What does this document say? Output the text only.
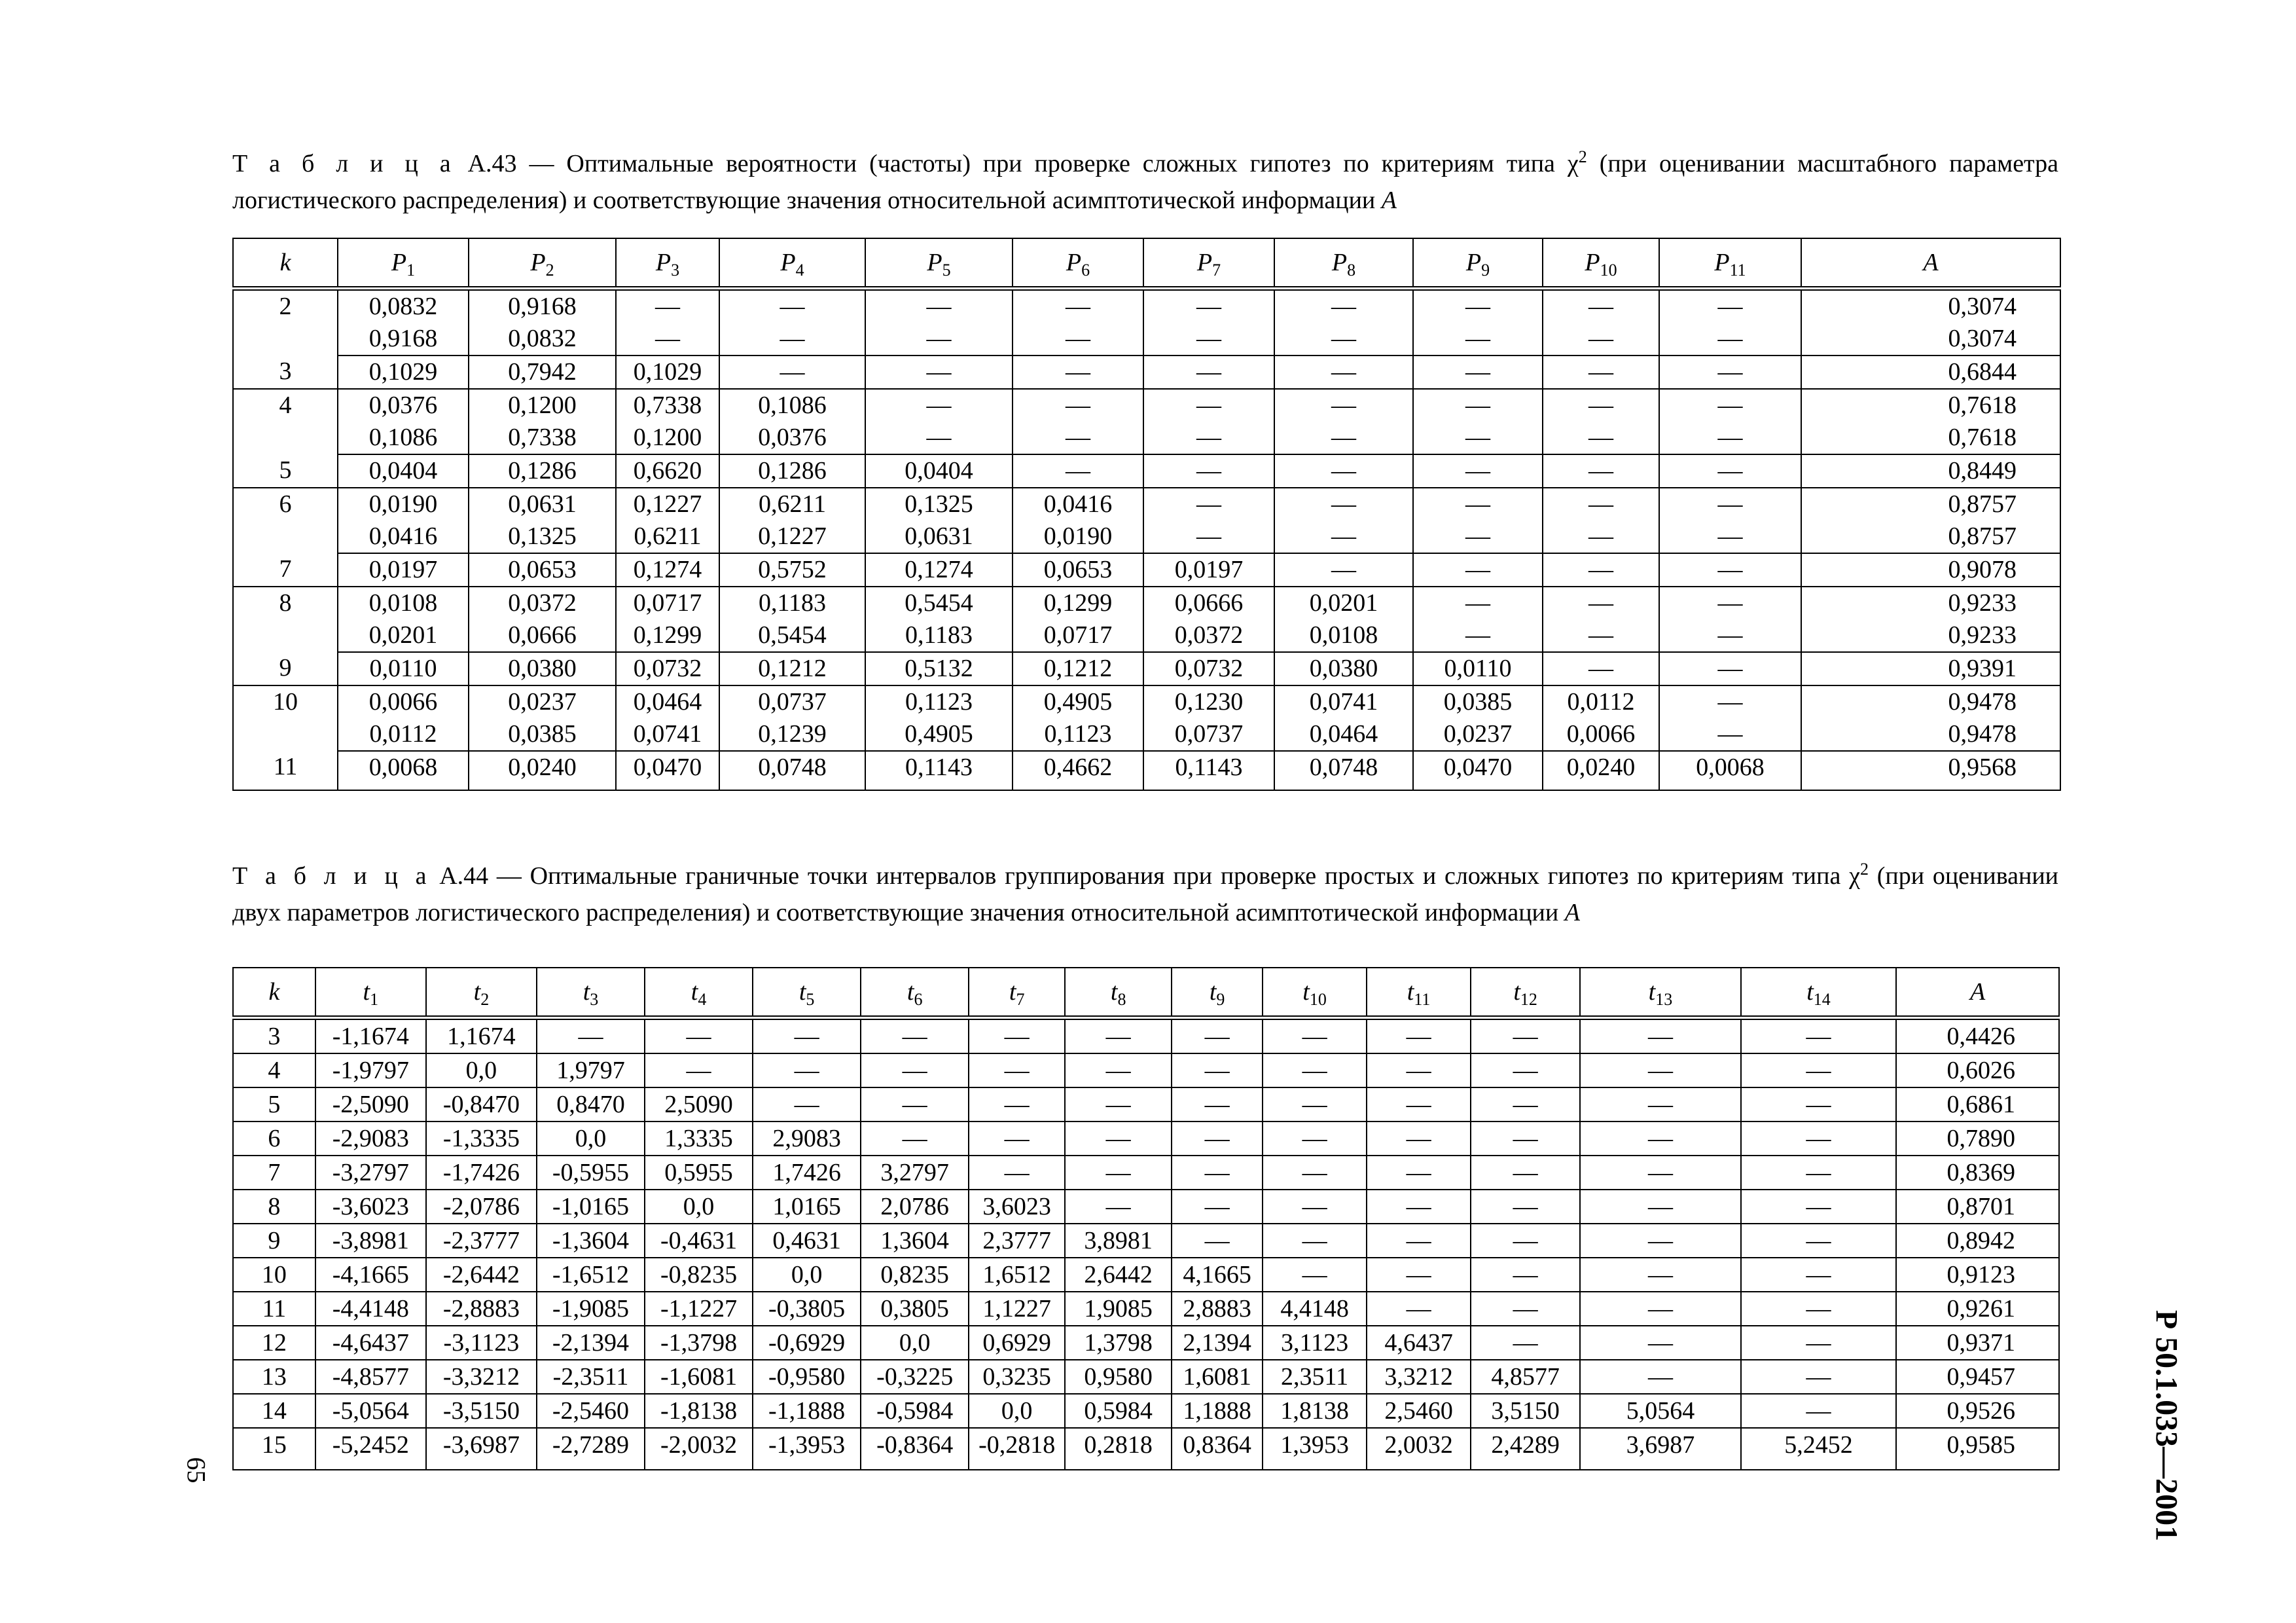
Т а б л и ц а А.43 — Оптимальные вероятности (частоты) при проверке сложных гипотез по критериям типа $\chi^2$ (при оценивании масштабного параметра логистического распределения) и соответствующие значения относительной асимптотической информации А
k	$P_1$	$P_2$	$P_3$	$P_4$	$P_5$	$P_6$	$P_7$	$P_8$	$P_9$	$P_{10}$	$P_{11}$	A
2	0,0832	0,9168	—	—	—	—	—	—	—	—	—	0,3074
	0,9168	0,0832	—	—	—	—	—	—	—	—	—	0,3074
3	0,1029	0,7942	0,1029	—	—	—	—	—	—	—	—	0,6844
4	0,0376	0,1200	0,7338	0,1086	—	—	—	—	—	—	—	0,7618
	0,1086	0,7338	0,1200	0,0376	—	—	—	—	—	—	—	0,7618
5	0,0404	0,1286	0,6620	0,1286	0,0404	—	—	—	—	—	—	0,8449
6	0,0190	0,0631	0,1227	0,6211	0,1325	0,0416	—	—	—	—	—	0,8757
	0,0416	0,1325	0,6211	0,1227	0,0631	0,0190	—	—	—	—	—	0,8757
7	0,0197	0,0653	0,1274	0,5752	0,1274	0,0653	0,0197	—	—	—	—	0,9078
8	0,0108	0,0372	0,0717	0,1183	0,5454	0,1299	0,0666	0,0201	—	—	—	0,9233
	0,0201	0,0666	0,1299	0,5454	0,1183	0,0717	0,0372	0,0108	—	—	—	0,9233
9	0,0110	0,0380	0,0732	0,1212	0,5132	0,1212	0,0732	0,0380	0,0110	—	—	0,9391
10	0,0066	0,0237	0,0464	0,0737	0,1123	0,4905	0,1230	0,0741	0,0385	0,0112	—	0,9478
	0,0112	0,0385	0,0741	0,1239	0,4905	0,1123	0,0737	0,0464	0,0237	0,0066	—	0,9478
11	0,0068	0,0240	0,0470	0,0748	0,1143	0,4662	0,1143	0,0748	0,0470	0,0240	0,0068	0,9568
Т а б л и ц а А.44 — Оптимальные граничные точки интервалов группирования при проверке простых и сложных гипотез по критериям типа $\chi^2$ (при оценивании двух параметров логистического распределения) и соответствующие значения относительной асимптотической информации А
k	$t_1$	$t_2$	$t_3$	$t_4$	$t_5$	$t_6$	$t_7$	$t_8$	$t_9$	$t_{10}$	$t_{11}$	$t_{12}$	$t_{13}$	$t_{14}$	A
3	-1,1674	1,1674	—	—	—	—	—	—	—	—	—	—	—	—	0,4426
4	-1,9797	0,0	1,9797	—	—	—	—	—	—	—	—	—	—	—	0,6026
5	-2,5090	-0,8470	0,8470	2,5090	—	—	—	—	—	—	—	—	—	—	0,6861
6	-2,9083	-1,3335	0,0	1,3335	2,9083	—	—	—	—	—	—	—	—	—	0,7890
7	-3,2797	-1,7426	-0,5955	0,5955	1,7426	3,2797	—	—	—	—	—	—	—	—	0,8369
8	-3,6023	-2,0786	-1,0165	0,0	1,0165	2,0786	3,6023	—	—	—	—	—	—	—	0,8701
9	-3,8981	-2,3777	-1,3604	-0,4631	0,4631	1,3604	2,3777	3,8981	—	—	—	—	—	—	0,8942
10	-4,1665	-2,6442	-1,6512	-0,8235	0,0	0,8235	1,6512	2,6442	4,1665	—	—	—	—	—	0,9123
11	-4,4148	-2,8883	-1,9085	-1,1227	-0,3805	0,3805	1,1227	1,9085	2,8883	4,4148	—	—	—	—	0,9261
12	-4,6437	-3,1123	-2,1394	-1,3798	-0,6929	0,0	0,6929	1,3798	2,1394	3,1123	4,6437	—	—	—	0,9371
13	-4,8577	-3,3212	-2,3511	-1,6081	-0,9580	-0,3225	0,3235	0,9580	1,6081	2,3511	3,3212	4,8577	—	—	0,9457
14	-5,0564	-3,5150	-2,5460	-1,8138	-1,1888	-0,5984	0,0	0,5984	1,1888	1,8138	2,5460	3,5150	5,0564	—	0,9526
15	-5,2452	-3,6987	-2,7289	-2,0032	-1,3953	-0,8364	-0,2818	0,2818	0,8364	1,3953	2,0032	2,4289	3,6987	5,2452	0,9585
65	Р 50.1.033—2001
